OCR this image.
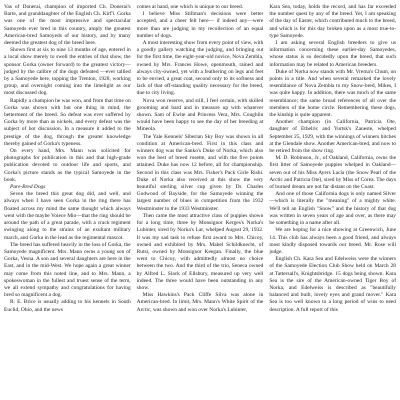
Vas of Donerai, champion of imported Ch. Donerai's Barte, and granddaughter of the English Ch. Kirf'i. Gorka was one of the most impressive and spectacular Samoyeds ever bred in this country, amply the greatest American-bred Samoyeds of our history, and by many deemed the greatest dog of the breed here.

Shown first at six to nine 13 months of age, entered in a local show merely to swell the entries of that show, the sponsor Gorka (owner forward) to the greatest victory—judged by the calibre of the dogs defeated —ever tallied by a Samoyede here, topping the Trenton, 1928, working group, and overnight coming into the limelight as our most discussed dog.

Rapidly a champion he was won, and from that time on Gorka was shown with but one thing in mind, the betterment of the breed. So defeat was ever suffered by Gorka by more than as nickels, and every defeat was the subject of hot discussion. In a measure it added to the prestige of the dog, through the greater knowledge thereby gained of Gorka's typeness.

On every hand, Mrs. Mann was solicited for photographs for publication in this and that high-grade publication devoted to outdoor life and sports, and Gorka's picture stands as the typical Samoyede in the book.

Pure-Bred Dogs

Seven the breed this great dog did, and well, and always when I have seen Gorka in the ring there has floated across my mind the same thought which always went with the maybe Voiece Mio—that the ring should be around the path of a great parade, with a crack regiment swinging along to the strains of an exultant military march, and Gorka in the lead as the regimental mascot.

The breed has suffered heavily in the loss of Gorka, the Samoyede magnificent. Mrs. Mann owns a young son of Gorka, Vesna. A son and several daughters are here in the East, and in the mid-West. We hope again a great winner may come from this noted line, and to Mrs. Mann, a spokeswoman in the fullest and truest sense of the term, we all extend sympathy and congratulations for having bred so magnificent a dog.

R. E. Brice is usually adding to his kennels in South Euclid, Ohio, and the news

comes at hand, one which is unique to our breed.

I believe Miss Stillman's decisions were better accepted, and a cheer felt here— if indeed any—were more than are judging in my recollection of an equal number of dogs.

A most interesting show from every point of view, with a goodly gallery watching the judging, and bringing out for the first time, the eight-year-old novice, Nova Zembla, owned by Mrs. Frances Howe, openmouth, rained and always city-owned, yet with a feathering on legs and feet to be envied, a great coat, second only to its softness and lack of that off-standing quality necessary for the breed, due to city living.

Nova won reserve, and still, I feel certain, with skilled grooming and bard and in measure up with whatever shown. Sam of Ewite and Princess Vera, Mrs. Coughlin would have been happy to see the day of her breeding at Mineola.

The Yale Kennels' Siberian Sky Boy was shown in all condition at American-bred. First in this class and winners dog was the Sanko's Duke of Norka, which also won the best of breed rosette, and with the five points attained. Duke has now 12 before, all for championship. Second in this class was Mrs. Fisher's Pack Girle Rishi. Duke of Norka also received at this show the very beautiful sterling silver cup given by Dr. Charles Godwood of Bayside, for the Samoyede winning the largest number of blues in competition from the 1932 Westminster to the 1933 Westminster.

Then came the most attractive class of puppies shown for a long time, three by Monsignor Kerges's Norka's Lubinter, sired by Norka's Lar, whelped August 29, 1932. It was my sad task to refuse first award to Mrs. Chicoy, owned and exhibited by Mrs. Mabel Schildknecht, of Rutsi, owned by Monsignor Keegan. Finally, the blue went to Chicoy, with admittedly almost no choice between the two. And the third of the trio, Seneca owned by Alfred L. Slack of Ellsbury, measured up very well indeed. The three would have been outstanding in any show.

Miss Hawkins's Pack Cliffe Silva was alone in American-bred. In limit, Mrs. Mann's White Spirit of the Arctic, was shown and won over Norka's Lubinter,

Kara Sea, today, holds the record, and has far exceeded the number quest by any of the breed. Yet, I am speaking of the day of Easter, which contributed much to the breed, and which is for this day broken upon as a most true-to-type Samoyede.

I am asking several English breeders to give us information concerning these earlier-day Samoyedes, whose status is so decidedly upon the breed, that such information may be related to American breeders.

Duke of Norka now stands with Mr. Vrema's Chum, on points in a title. And when several remarked the lovely resemblance of Nova Zembla to my Snow-bred, Mikes, I was quite happy. In addition, there was much of the same resemblance; the same broad references of all over the members of the home circle. Remembering these dogs, the kinship is quite apparent.

Another champion (in California, Patricia Ote, daughter of Ethelric and Yurtsk's Zaneste, whelped September 25, 1929, with the winnings of winners bitches at the Glendale show. Another American-bred, and now to be retired from the show ring.

M. D. Robinson, Jr., of Oakland, California, owns the first litter of Samoyede puppies whelped in Oakland—seven out of his Miss Ayers Lacia (the Snow Pearl of the Arctic and Patricia Ote), sired by Miss of Corea. The days of burned dream are not far distant on the Coast.

And one of those California dogs is only named Silver—which is literally the "meaning" of a mighty white. We'll tell an English "Snow" and the history of that dog was written in seven years of age and over, as there may be something in a name after all.

We are hoping for a nice showing at Greenwich, June 14. This club has always been a good friend, and always most kindly disposed towards our breed. Mr. Rose will judge.

English Ch. Kara Sea and Edelweiss were the winners of the Samoyede Election Club Show held on March 28 at Tattersall's, Knightsbridge. 15 dogs being shown. Kara Sea is the sire of the American-owned Tiger Boy of Norka, and Edelweiss is described as "beautifully balanced and built, lovely eyes and grand mover." Kara Sea is too well known to a long period of wins to need description. A full report of this
